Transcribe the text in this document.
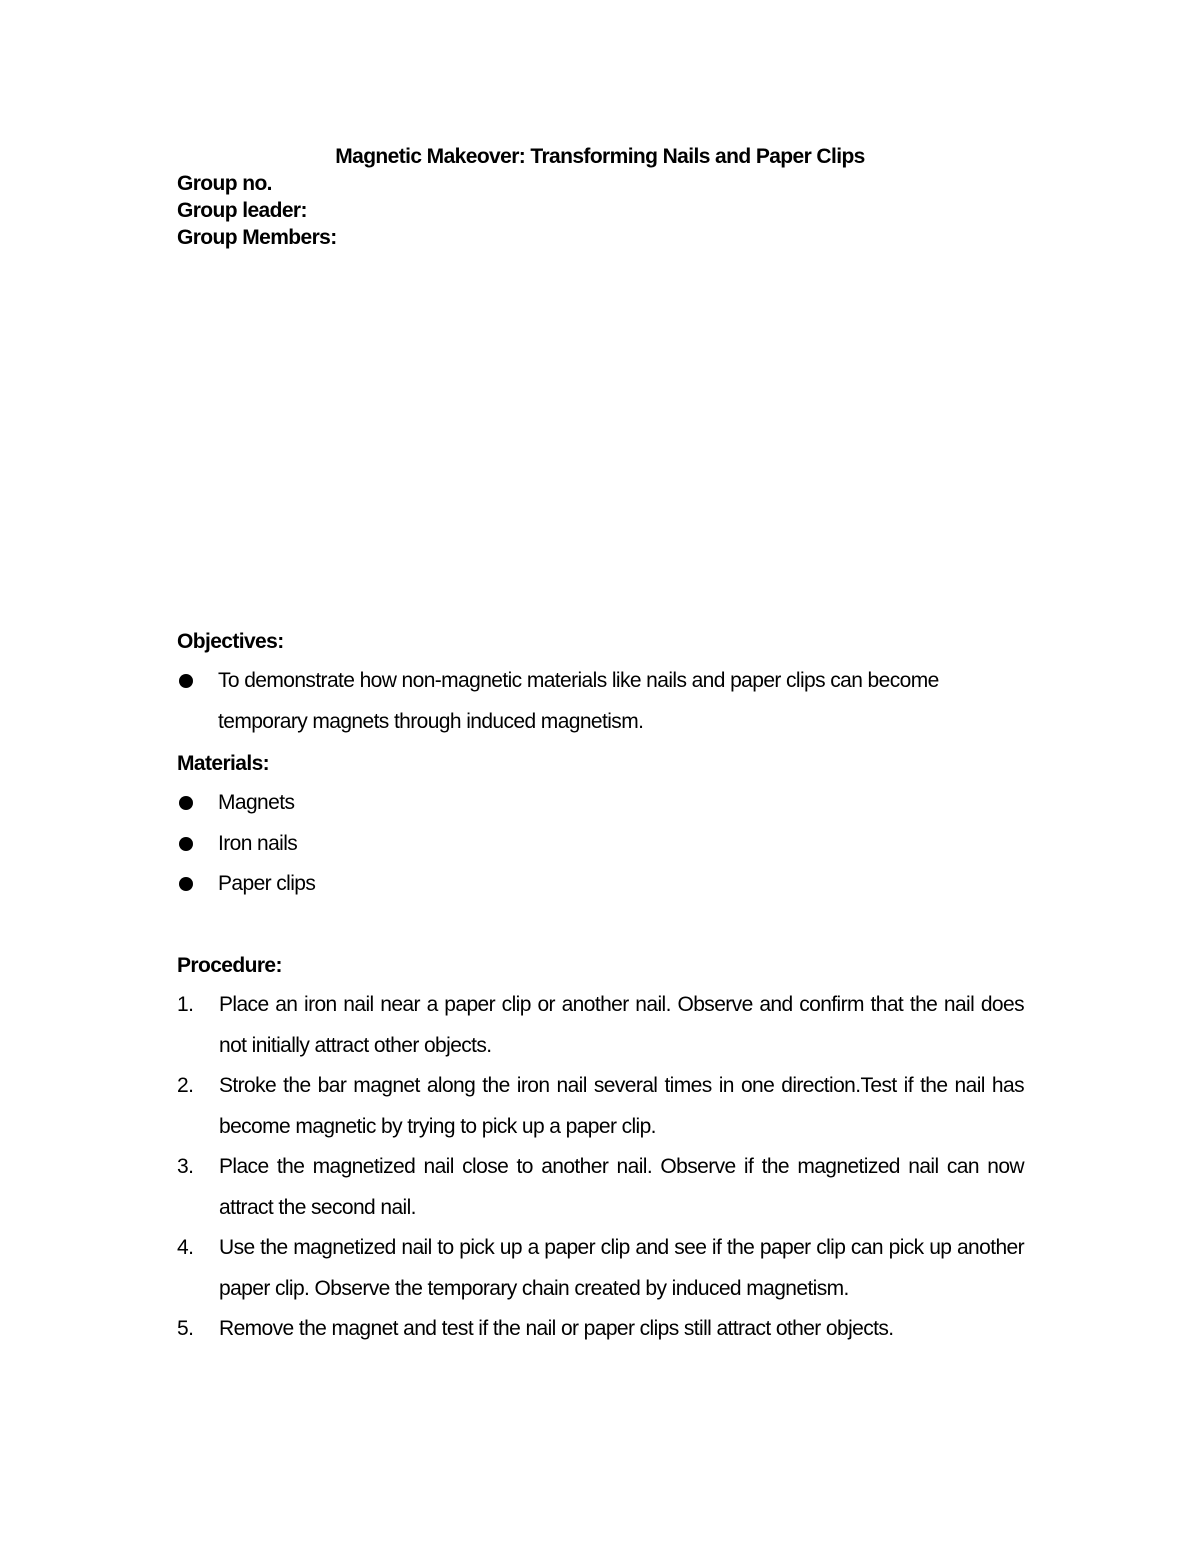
Magnetic Makeover: Transforming Nails and Paper Clips
Group no.
Group leader:
Group Members:
Objectives:
To demonstrate how non-magnetic materials like nails and paper clips can become temporary magnets through induced magnetism.
Materials:
Magnets
Iron nails
Paper clips
Procedure:
1. Place an iron nail near a paper clip or another nail. Observe and confirm that the nail does not initially attract other objects.
2. Stroke the bar magnet along the iron nail several times in one direction.Test if the nail has become magnetic by trying to pick up a paper clip.
3. Place the magnetized nail close to another nail. Observe if the magnetized nail can now attract the second nail.
4. Use the magnetized nail to pick up a paper clip and see if the paper clip can pick up another paper clip. Observe the temporary chain created by induced magnetism.
5. Remove the magnet and test if the nail or paper clips still attract other objects.
